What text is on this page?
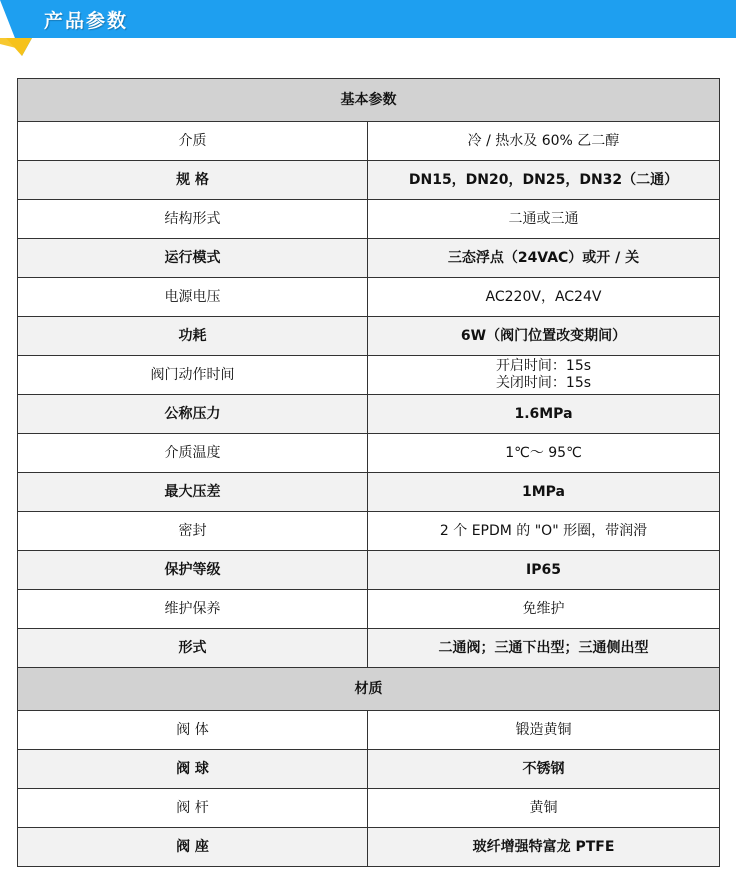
产品参数
基本参数	
介质	冷 / 热水及 60% 乙二醇
规 格	DN15，DN20，DN25，DN32（二通）
结构形式	二通或三通
运行模式	三态浮点（24VAC）或开 / 关
电源电压	AC220V，AC24V
功耗	6W（阀门位置改变期间）
阀门动作时间	开启时间：15s
关闭时间：15s

公称压力	1.6MPa
介质温度	1℃～ 95℃
最大压差	1MPa
密封	2 个 EPDM 的 "O" 形圈，带润滑
保护等级	IP65
维护保养	免维护
形式	二通阀；三通下出型；三通侧出型
材质	
阀 体	锻造黄铜
阀 球	不锈钢
阀 杆	黄铜
阀 座	玻纤增强特富龙 PTFE
